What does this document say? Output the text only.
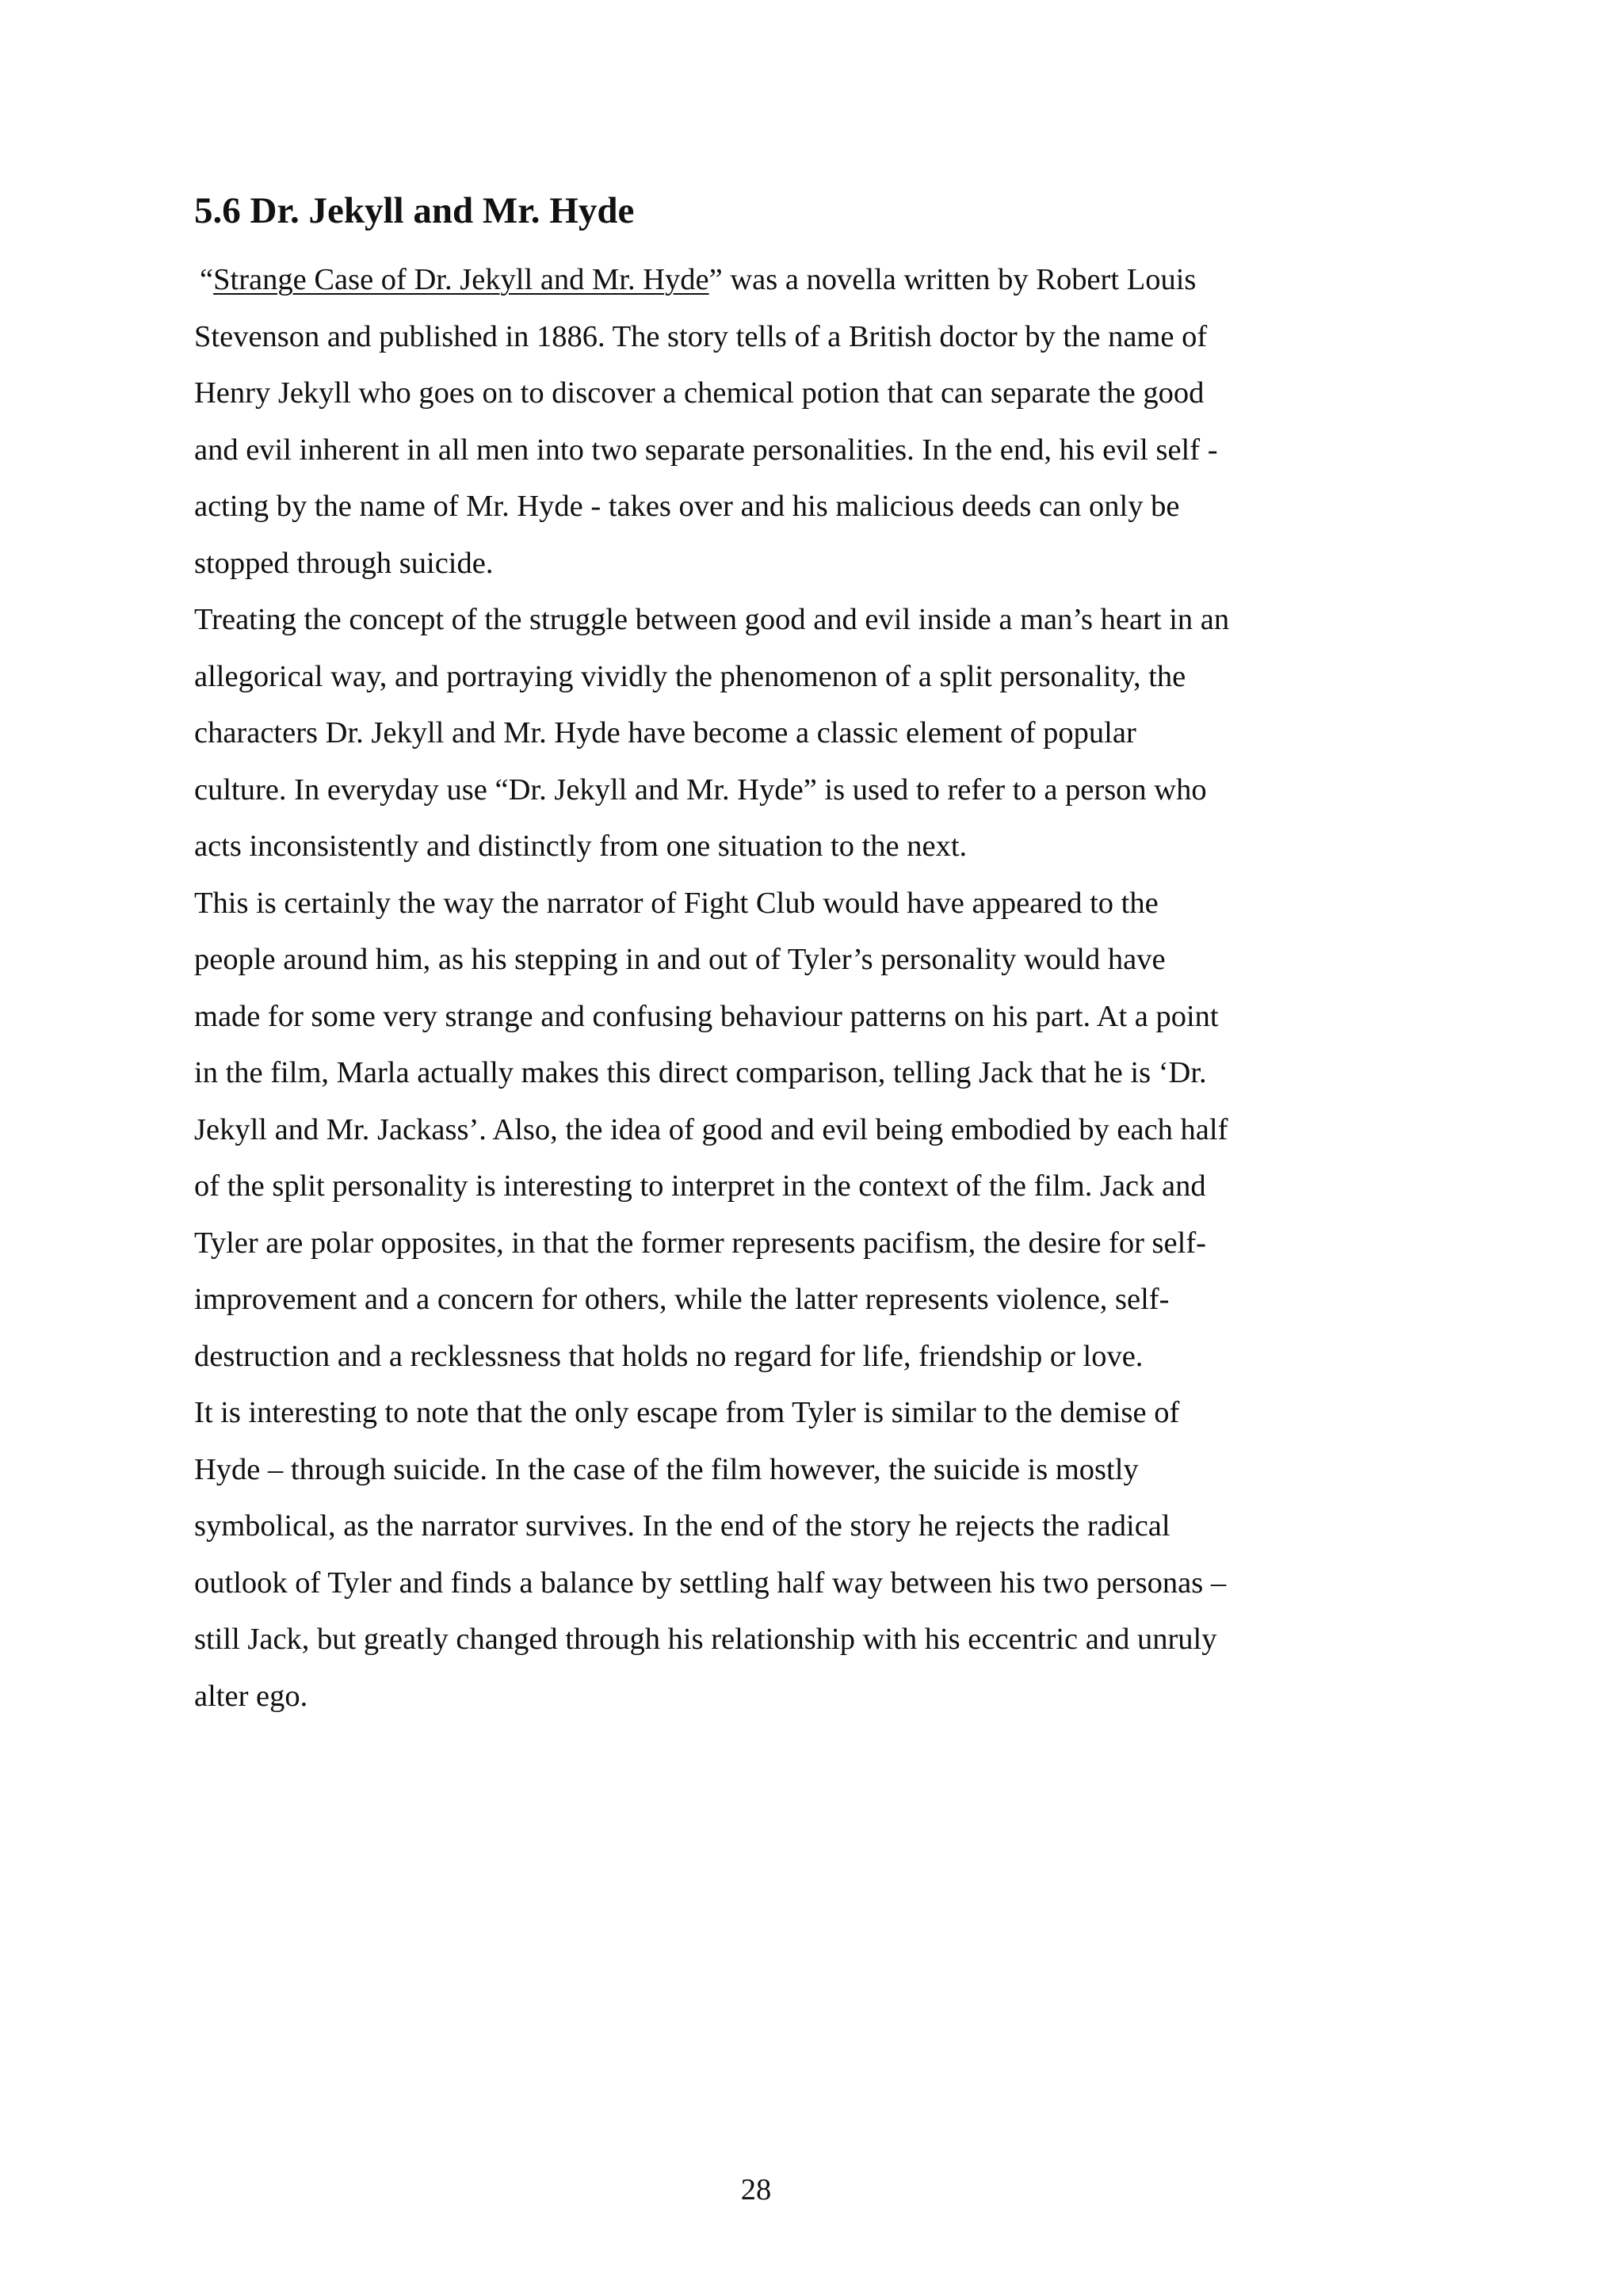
5.6 Dr. Jekyll and Mr. Hyde

“Strange Case of Dr. Jekyll and Mr. Hyde” was a novella written by Robert Louis

Stevenson and published in 1886. The story tells of a British doctor by the name of

Henry Jekyll who goes on to discover a chemical potion that can separate the good

and evil inherent in all men into two separate personalities. In the end, his evil self -

acting by the name of Mr. Hyde - takes over and his malicious deeds can only be

stopped through suicide.

Treating the concept of the struggle between good and evil inside a man’s heart in an

allegorical way, and portraying vividly the phenomenon of a split personality, the

characters Dr. Jekyll and Mr. Hyde have become a classic element of popular

culture. In everyday use “Dr. Jekyll and Mr. Hyde” is used to refer to a person who

acts inconsistently and distinctly from one situation to the next.

This is certainly the way the narrator of Fight Club would have appeared to the

people around him, as his stepping in and out of Tyler’s personality would have

made for some very strange and confusing behaviour patterns on his part. At a point

in the film, Marla actually makes this direct comparison, telling Jack that he is ‘Dr.

Jekyll and Mr. Jackass’. Also, the idea of good and evil being embodied by each half

of the split personality is interesting to interpret in the context of the film. Jack and

Tyler are polar opposites, in that the former represents pacifism, the desire for self-

improvement and a concern for others, while the latter represents violence, self-

destruction and a recklessness that holds no regard for life, friendship or love.

It is interesting to note that the only escape from Tyler is similar to the demise of

Hyde – through suicide. In the case of the film however, the suicide is mostly

symbolical, as the narrator survives. In the end of the story he rejects the radical

outlook of Tyler and finds a balance by settling half way between his two personas –

still Jack, but greatly changed through his relationship with his eccentric and unruly

alter ego.

28
